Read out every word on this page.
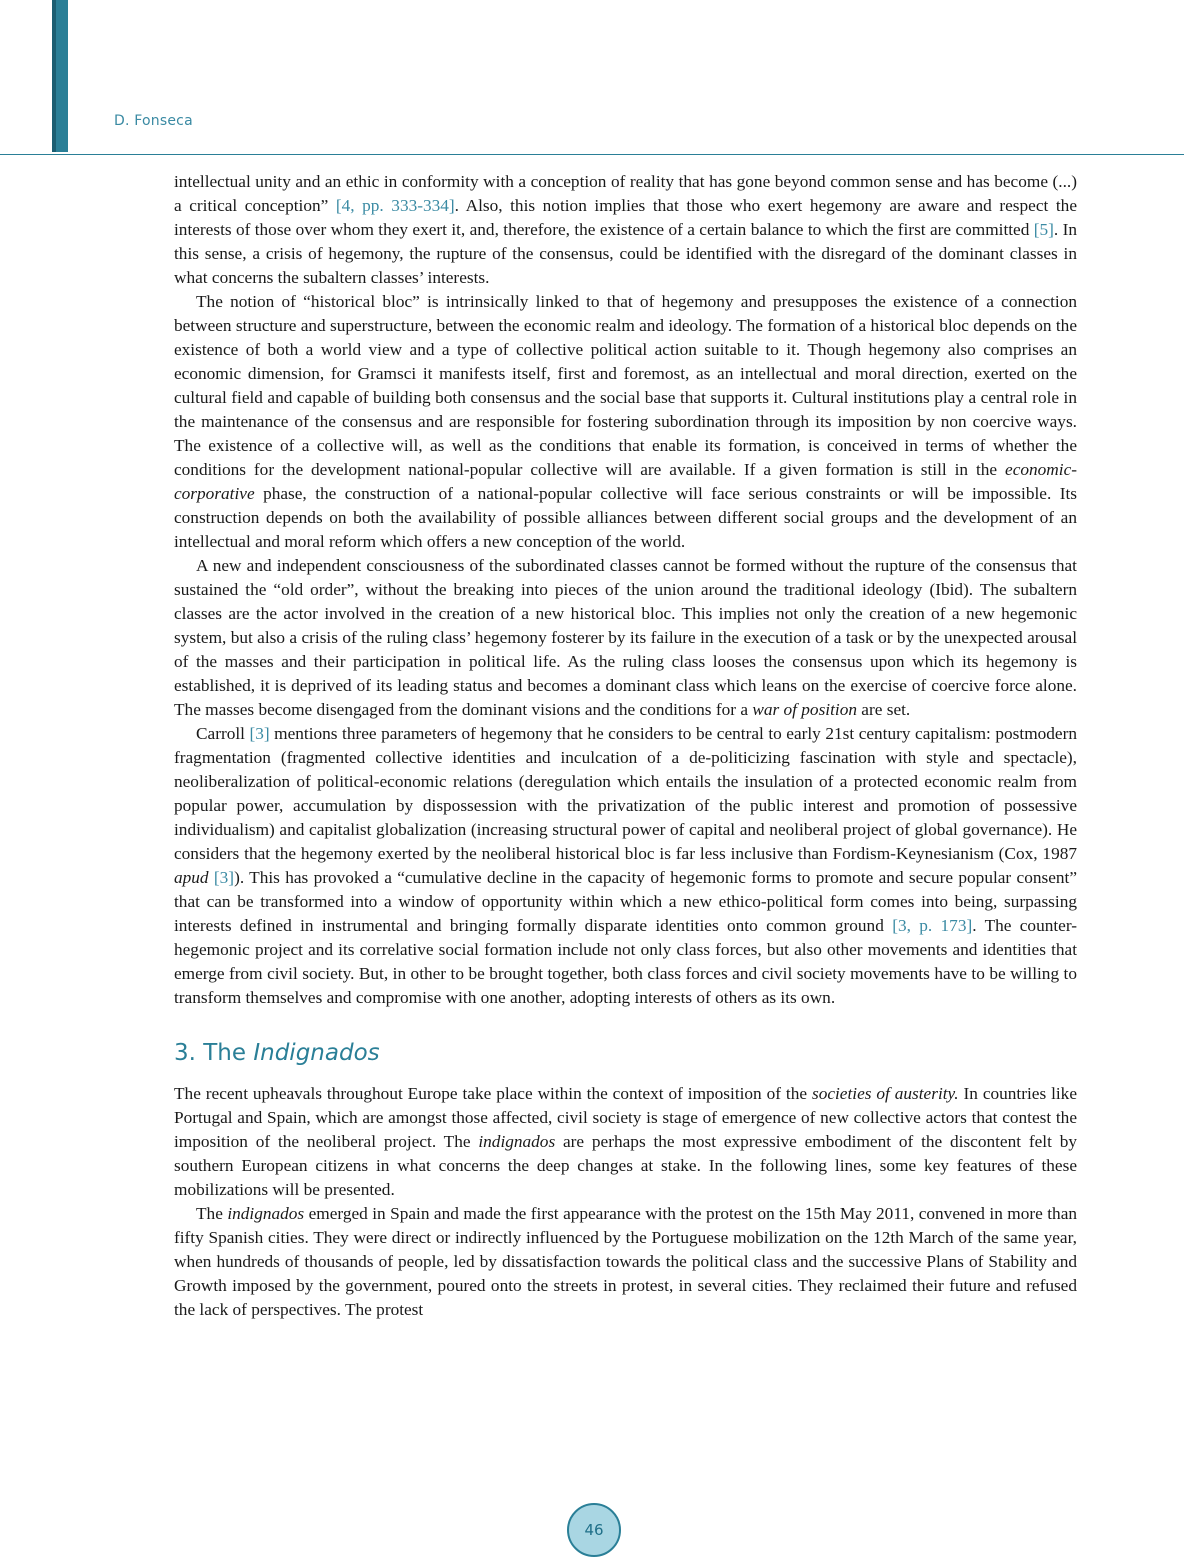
D. Fonseca

intellectual unity and an ethic in conformity with a conception of reality that has gone beyond common sense and has become (...) a critical conception” [4, pp. 333-334]. Also, this notion implies that those who exert hegemony are aware and respect the interests of those over whom they exert it, and, therefore, the existence of a certain balance to which the first are committed [5]. In this sense, a crisis of hegemony, the rupture of the consensus, could be identified with the disregard of the dominant classes in what concerns the subaltern classes’ interests.

The notion of “historical bloc” is intrinsically linked to that of hegemony and presupposes the existence of a connection between structure and superstructure, between the economic realm and ideology. The formation of a historical bloc depends on the existence of both a world view and a type of collective political action suitable to it. Though hegemony also comprises an economic dimension, for Gramsci it manifests itself, first and foremost, as an intellectual and moral direction, exerted on the cultural field and capable of building both consensus and the social base that supports it. Cultural institutions play a central role in the maintenance of the consensus and are responsible for fostering subordination through its imposition by non coercive ways. The existence of a collective will, as well as the conditions that enable its formation, is conceived in terms of whether the conditions for the development national-popular collective will are available. If a given formation is still in the economic-corporative phase, the construction of a national-popular collective will face serious constraints or will be impossible. Its construction depends on both the availability of possible alliances between different social groups and the development of an intellectual and moral reform which offers a new conception of the world.

A new and independent consciousness of the subordinated classes cannot be formed without the rupture of the consensus that sustained the “old order”, without the breaking into pieces of the union around the traditional ideology (Ibid). The subaltern classes are the actor involved in the creation of a new historical bloc. This implies not only the creation of a new hegemonic system, but also a crisis of the ruling class’ hegemony fosterer by its failure in the execution of a task or by the unexpected arousal of the masses and their participation in political life. As the ruling class looses the consensus upon which its hegemony is established, it is deprived of its leading status and becomes a dominant class which leans on the exercise of coercive force alone. The masses become disengaged from the dominant visions and the conditions for a war of position are set.

Carroll [3] mentions three parameters of hegemony that he considers to be central to early 21st century capitalism: postmodern fragmentation (fragmented collective identities and inculcation of a de-politicizing fascination with style and spectacle), neoliberalization of political-economic relations (deregulation which entails the insulation of a protected economic realm from popular power, accumulation by dispossession with the privatization of the public interest and promotion of possessive individualism) and capitalist globalization (increasing structural power of capital and neoliberal project of global governance). He considers that the hegemony exerted by the neoliberal historical bloc is far less inclusive than Fordism-Keynesianism (Cox, 1987 apud [3]). This has provoked a “cumulative decline in the capacity of hegemonic forms to promote and secure popular consent” that can be transformed into a window of opportunity within which a new ethico-political form comes into being, surpassing interests defined in instrumental and bringing formally disparate identities onto common ground [3, p. 173]. The counter-hegemonic project and its correlative social formation include not only class forces, but also other movements and identities that emerge from civil society. But, in other to be brought together, both class forces and civil society movements have to be willing to transform themselves and compromise with one another, adopting interests of others as its own.

3. The Indignados

The recent upheavals throughout Europe take place within the context of imposition of the societies of austerity. In countries like Portugal and Spain, which are amongst those affected, civil society is stage of emergence of new collective actors that contest the imposition of the neoliberal project. The indignados are perhaps the most expressive embodiment of the discontent felt by southern European citizens in what concerns the deep changes at stake. In the following lines, some key features of these mobilizations will be presented.

The indignados emerged in Spain and made the first appearance with the protest on the 15th May 2011, convened in more than fifty Spanish cities. They were direct or indirectly influenced by the Portuguese mobilization on the 12th March of the same year, when hundreds of thousands of people, led by dissatisfaction towards the political class and the successive Plans of Stability and Growth imposed by the government, poured onto the streets in protest, in several cities. They reclaimed their future and refused the lack of perspectives. The protest

46
